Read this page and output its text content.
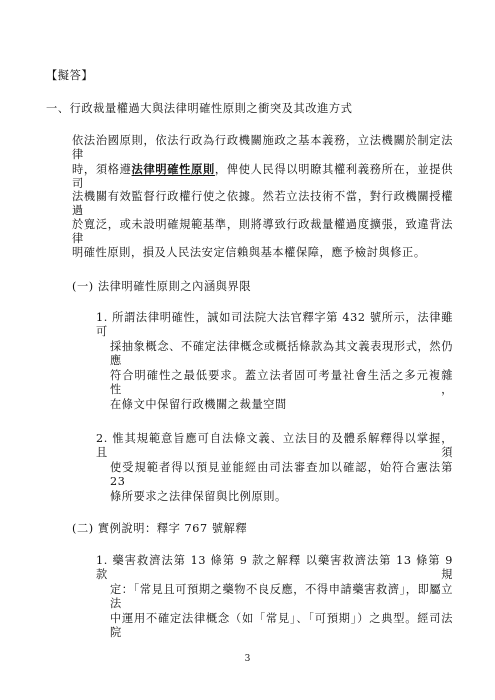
【擬答】
一、行政裁量權過大與法律明確性原則之衝突及其改進方式
依法治國原則，依法行政為行政機關施政之基本義務，立法機關於制定法律
時，須格遵法律明確性原則，俾使人民得以明瞭其權利義務所在，並提供司
法機關有效監督行政權行使之依據。然若立法技術不當，對行政機關授權過
於寬泛，或未設明確規範基準，則將導致行政裁量權過度擴張，致違背法律
明確性原則，損及人民法安定信賴與基本權保障，應予檢討與修正。
(一) 法律明確性原則之內涵與界限
1. 所謂法律明確性，誠如司法院大法官釋字第 432 號所示，法律雖可
採抽象概念、不確定法律概念或概括條款為其文義表現形式，然仍應
符合明確性之最低要求。蓋立法者固可考量社會生活之多元複雜性，
在條文中保留行政機關之裁量空間
2. 惟其規範意旨應可自法條文義、立法目的及體系解釋得以掌握，且須
使受規範者得以預見並能經由司法審查加以確認，始符合憲法第 23
條所要求之法律保留與比例原則。
(二) 實例說明：釋字 767 號解釋
1. 藥害救濟法第 13 條第 9 款之解釋 以藥害救濟法第 13 條第 9 款規
定：「常見且可預期之藥物不良反應，不得申請藥害救濟」，即屬立法
中運用不確定法律概念（如「常見」、「可預期」）之典型。經司法院
3
